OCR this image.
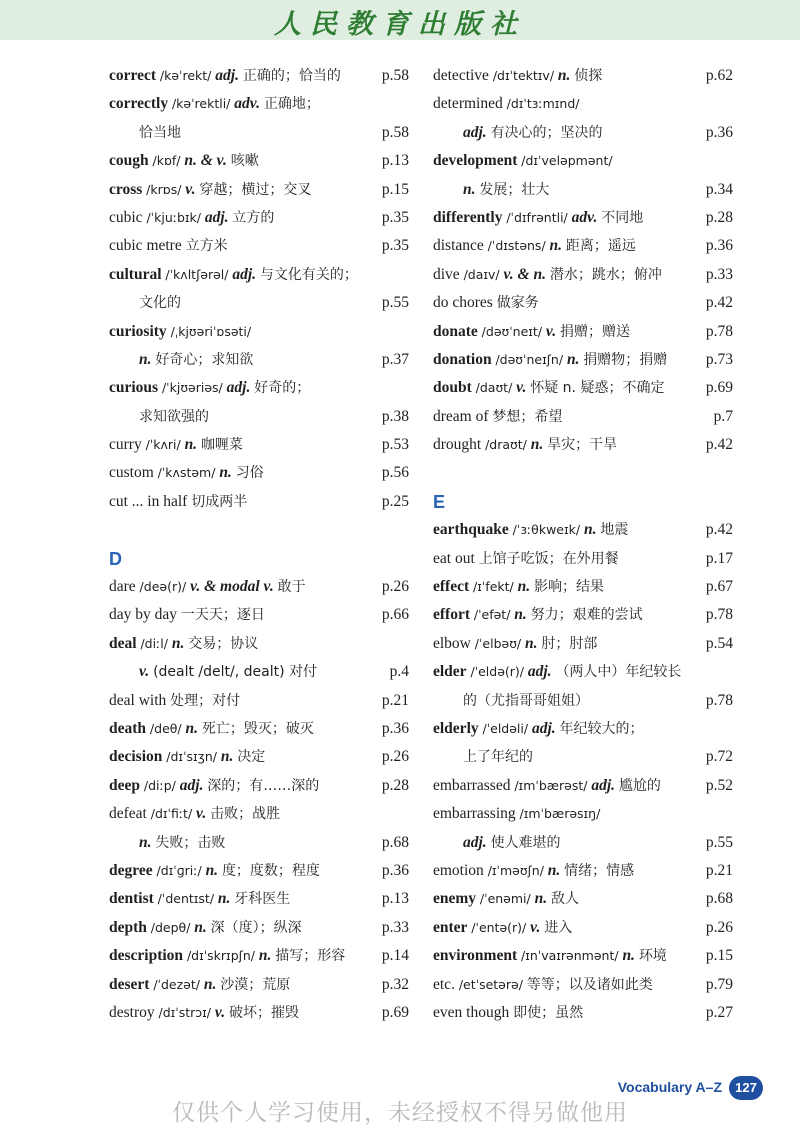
人民教育出版社
correct /kəˈrekt/ adj. 正确的；恰当的	p.58
correctly /kəˈrektli/ adv. 正确地；
恰当地	p.58
cough /kɒf/ n. & v. 咳嗽	p.13
cross /krɒs/ v. 穿越；横过；交叉	p.15
cubic /ˈkjuːbɪk/ adj. 立方的	p.35
cubic metre 立方米	p.35
cultural /ˈkʌltʃərəl/ adj. 与文化有关的；
文化的	p.55
curiosity /ˌkjʊəriˈɒsəti/
n. 好奇心；求知欲	p.37
curious /ˈkjʊəriəs/ adj. 好奇的；
求知欲强的	p.38
curry /ˈkʌri/ n. 咖喱菜	p.53
custom /ˈkʌstəm/ n. 习俗	p.56
cut ... in half 切成两半	p.25
D
dare /deə(r)/ v. & modal v. 敢于	p.26
day by day 一天天；逐日	p.66
deal /diːl/ n. 交易；协议
v. (dealt /delt/, dealt) 对付	p.4
deal with 处理；对付	p.21
death /deθ/ n. 死亡；毁灭；破灭	p.36
decision /dɪˈsɪʒn/ n. 决定	p.26
deep /diːp/ adj. 深的；有……深的	p.28
defeat /dɪˈfiːt/ v. 击败；战胜
n. 失败；击败	p.68
degree /dɪˈɡriː/ n. 度；度数；程度	p.36
dentist /ˈdentɪst/ n. 牙科医生	p.13
depth /depθ/ n. 深（度）；纵深	p.33
description /dɪˈskrɪpʃn/ n. 描写；形容 p.14
desert /ˈdezət/ n. 沙漠；荒原	p.32
destroy /dɪˈstrɔɪ/ v. 破坏；摧毁	p.69
detective /dɪˈtektɪv/ n. 侦探	p.62
determined /dɪˈtɜːmɪnd/
adj. 有决心的；坚决的	p.36
development /dɪˈveləpmənt/
n. 发展；壮大	p.34
differently /ˈdɪfrəntli/ adv. 不同地	p.28
distance /ˈdɪstəns/ n. 距离；遥远	p.36
dive /daɪv/ v. & n. 潜水；跳水；俯冲	p.33
do chores 做家务	p.42
donate /dəʊˈneɪt/ v. 捐赠；赠送	p.78
donation /dəʊˈneɪʃn/ n. 捐赠物；捐赠 p.73
doubt /daʊt/ v. 怀疑 n. 疑惑；不确定	p.69
dream of 梦想；希望	p.7
drought /draʊt/ n. 旱灾；干旱	p.42
E
earthquake /ˈɜːθkweɪk/ n. 地震	p.42
eat out 上馆子吃饭；在外用餐	p.17
effect /ɪˈfekt/ n. 影响；结果	p.67
effort /ˈefət/ n. 努力；艰难的尝试	p.78
elbow /ˈelbəʊ/ n. 肘；肘部	p.54
elder /ˈeldə(r)/ adj. （两人中）年纪较长
的（尤指哥哥姐姐）	p.78
elderly /ˈeldəli/ adj. 年纪较大的；
上了年纪的	p.72
embarrassed /ɪmˈbærəst/ adj. 尴尬的	p.52
embarrassing /ɪmˈbærəsɪŋ/
adj. 使人难堪的	p.55
emotion /ɪˈməʊʃn/ n. 情绪；情感	p.21
enemy /ˈenəmi/ n. 敌人	p.68
enter /ˈentə(r)/ v. 进入	p.26
environment /ɪnˈvaɪrənmənt/ n. 环境	p.15
etc. /etˈsetərə/ 等等；以及诸如此类	p.79
even though 即使；虽然	p.27
Vocabulary A–Z	127
仅供个人学习使用，未经授权不得另做他用
